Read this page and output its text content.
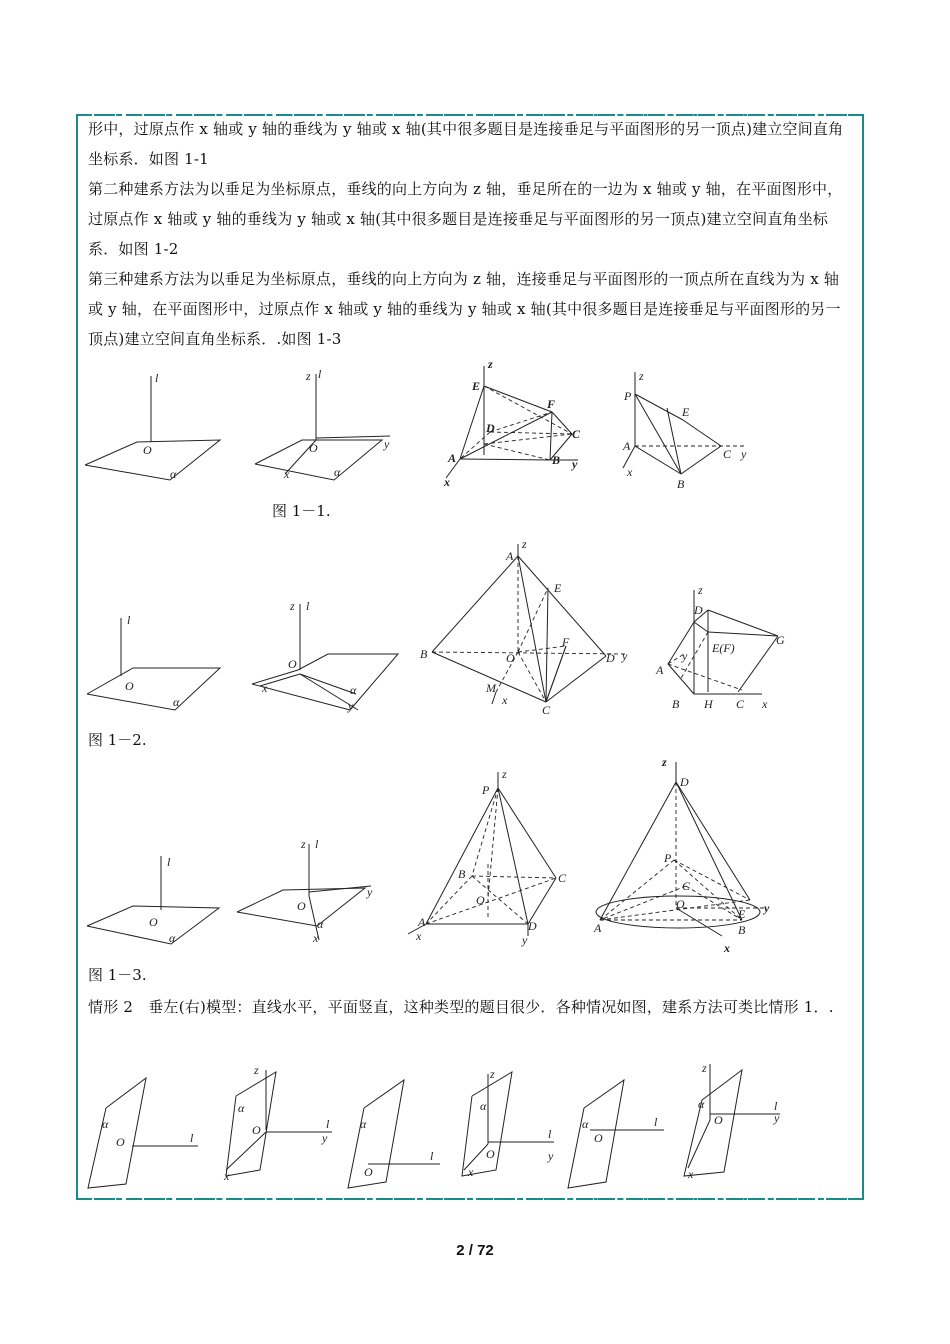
形中，过原点作 x 轴或 y 轴的垂线为 y 轴或 x 轴(其中很多题目是连接垂足与平面图形的另一顶点)建立空间直角坐标系．如图 1-1
第二种建系方法为以垂足为坐标原点，垂线的向上方向为 z 轴，垂足所在的一边为 x 轴或 y 轴，在平面图形中，过原点作 x 轴或 y 轴的垂线为 y 轴或 x 轴(其中很多题目是连接垂足与平面图形的另一顶点)建立空间直角坐标系．如图 1-2
第三种建系方法为以垂足为坐标原点，垂线的向上方向为 z 轴，连接垂足与平面图形的一顶点所在直线为为 x 轴或 y 轴，在平面图形中，过原点作 x 轴或 y 轴的垂线为 y 轴或 x 轴(其中很多题目是连接垂足与平面图形的另一顶点)建立空间直角坐标系．.如图 1-3
l
O
α
z l
O	y
x	α
z
E
F
C
D
A	B y
x
z
P
E
A
C y
x
B
图 1－1.
l
O
α
z l
O
x	α
y
A
z
E
B	O
F
D y
M
x
C
z
D
G
E(F)
y
A
B H C x
图 1－2.
l
O
α
z l
y
O
α
x
z
P
B	C
O
A	D
x	y
z
D
P
C
O
E y
A	B
x
图 1－3.
情形 2　垂左(右)模型：直线水平，平面竖直，这种类型的题目很少．各种情况如图，建系方法可类比情形 1．.
α
O	l
z
α
O	l
y
x
α
O
l
z
α
O
l
y
x
α
O
l
z
α
O
l
y
x
2 / 72
